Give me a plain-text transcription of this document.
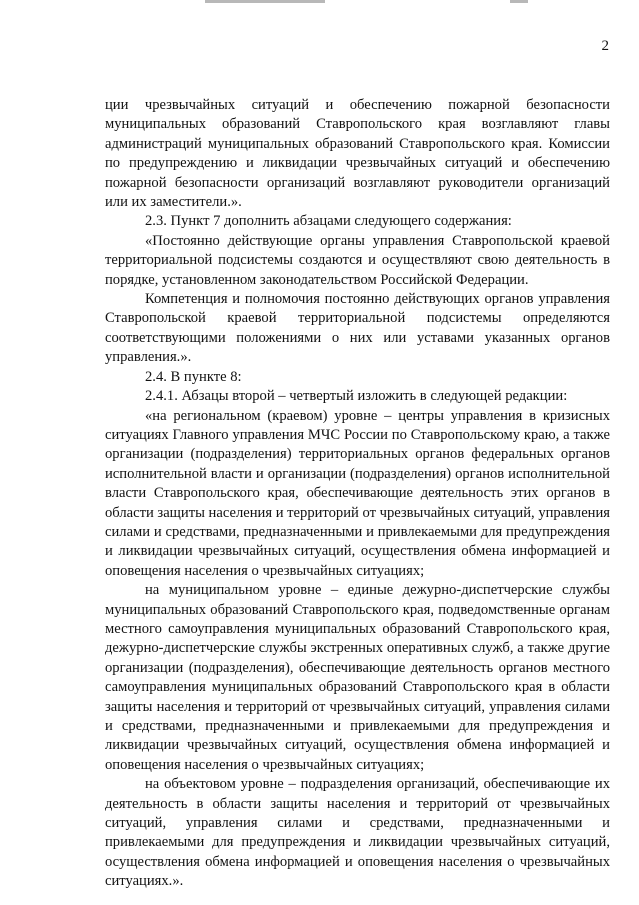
2

ции чрезвычайных ситуаций и обеспечению пожарной безопасности муниципальных образований Ставропольского края возглавляют главы администраций муниципальных образований Ставропольского края. Комиссии по предупреждению и ликвидации чрезвычайных ситуаций и обеспечению пожарной безопасности организаций возглавляют руководители организаций или их заместители.».

2.3. Пункт 7 дополнить абзацами следующего содержания:

«Постоянно действующие органы управления Ставропольской краевой территориальной подсистемы создаются и осуществляют свою деятельность в порядке, установленном законодательством Российской Федерации.

Компетенция и полномочия постоянно действующих органов управления Ставропольской краевой территориальной подсистемы определяются соответствующими положениями о них или уставами указанных органов управления.».

2.4. В пункте 8:

2.4.1. Абзацы второй – четвертый изложить в следующей редакции:

«на региональном (краевом) уровне – центры управления в кризисных ситуациях Главного управления МЧС России по Ставропольскому краю, а также организации (подразделения) территориальных органов федеральных органов исполнительной власти и организации (подразделения) органов исполнительной власти Ставропольского края, обеспечивающие деятельность этих органов в области защиты населения и территорий от чрезвычайных ситуаций, управления силами и средствами, предназначенными и привлекаемыми для предупреждения и ликвидации чрезвычайных ситуаций, осуществления обмена информацией и оповещения населения о чрезвычайных ситуациях;

на муниципальном уровне – единые дежурно-диспетчерские службы муниципальных образований Ставропольского края, подведомственные органам местного самоуправления муниципальных образований Ставропольского края, дежурно-диспетчерские службы экстренных оперативных служб, а также другие организации (подразделения), обеспечивающие деятельность органов местного самоуправления муниципальных образований Ставропольского края в области защиты населения и территорий от чрезвычайных ситуаций, управления силами и средствами, предназначенными и привлекаемыми для предупреждения и ликвидации чрезвычайных ситуаций, осуществления обмена информацией и оповещения населения о чрезвычайных ситуациях;

на объектовом уровне – подразделения организаций, обеспечивающие их деятельность в области защиты населения и территорий от чрезвычайных ситуаций, управления силами и средствами, предназначенными и привлекаемыми для предупреждения и ликвидации чрезвычайных ситуаций, осуществления обмена информацией и оповещения населения о чрезвычайных ситуациях.».
